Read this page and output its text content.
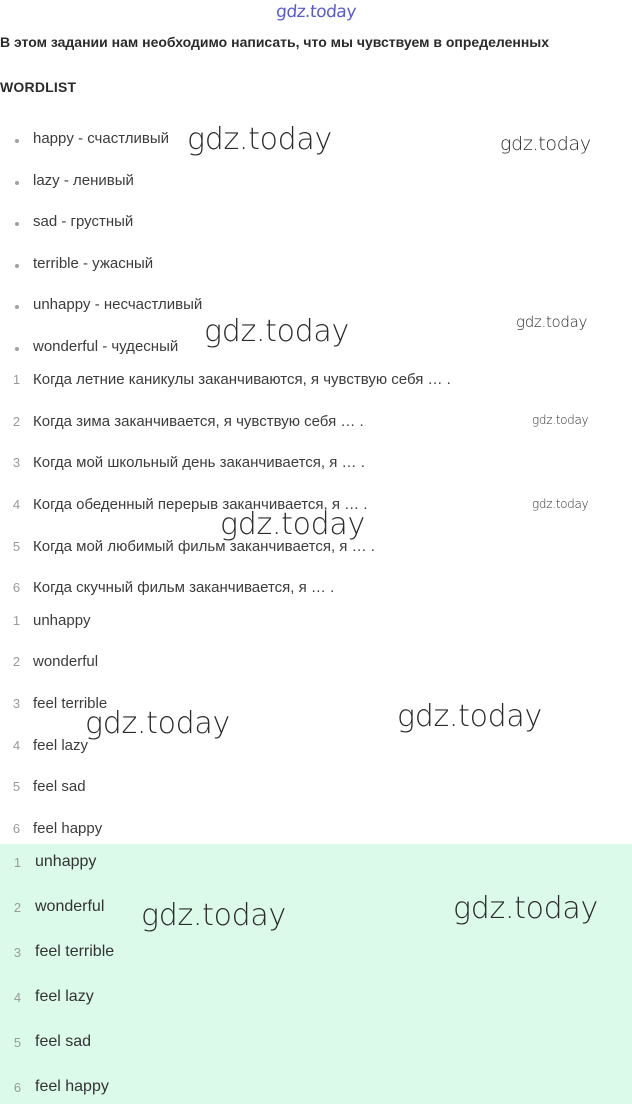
gdz.today
В этом задании нам необходимо написать, что мы чувствуем в определенных
WORDLIST
happy - счастливый
lazy - ленивый
sad - грустный
terrible - ужасный
unhappy - несчастливый
wonderful - чудесный
1 Когда летние каникулы заканчиваются, я чувствую себя … .
2 Когда зима заканчивается, я чувствую себя … .
3 Когда мой школьный день заканчивается, я … .
4 Когда обеденный перерыв заканчивается, я … .
5 Когда мой любимый фильм заканчивается, я … .
6 Когда скучный фильм заканчивается, я … .
1 unhappy
2 wonderful
3 feel terrible
4 feel lazy
5 feel sad
6 feel happy
1 unhappy
2 wonderful
3 feel terrible
4 feel lazy
5 feel sad
6 feel happy
gdz.today	gdz.today
gdz.today	gdz.today
gdz.today
gdz.today
gdz.today
gdz.today	gdz.today
gdz.today	gdz.today
